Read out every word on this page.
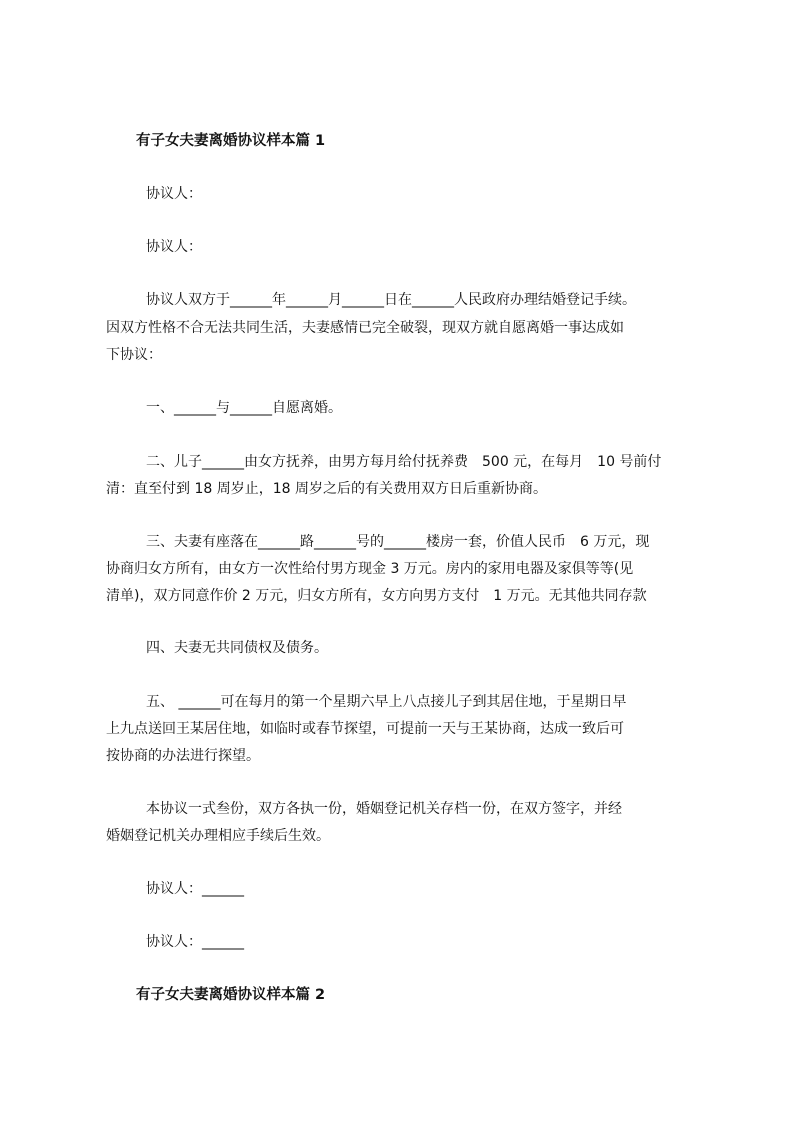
有子女夫妻离婚协议样本篇 1

协议人：

协议人：

协议人双方于______年______月______日在______人民政府办理结婚登记手续。

因双方性格不合无法共同生活，夫妻感情已完全破裂，现双方就自愿离婚一事达成如

下协议：

一、______与______自愿离婚。

二、儿子______由女方抚养，由男方每月给付抚养费　500 元，在每月　10 号前付

清：直至付到 18 周岁止，18 周岁之后的有关费用双方日后重新协商。

三、夫妻有座落在______路______号的______楼房一套，价值人民币　6 万元，现

协商归女方所有，由女方一次性给付男方现金 3 万元。房内的家用电器及家俱等等(见

清单)，双方同意作价 2 万元，归女方所有，女方向男方支付　1 万元。无其他共同存款

四、夫妻无共同债权及债务。

五、 ______可在每月的第一个星期六早上八点接儿子到其居住地，于星期日早

上九点送回王某居住地，如临时或春节探望，可提前一天与王某协商，达成一致后可

按协商的办法进行探望。

本协议一式叁份，双方各执一份，婚姻登记机关存档一份，在双方签字，并经

婚姻登记机关办理相应手续后生效。

协议人：______

协议人：______

有子女夫妻离婚协议样本篇 2
